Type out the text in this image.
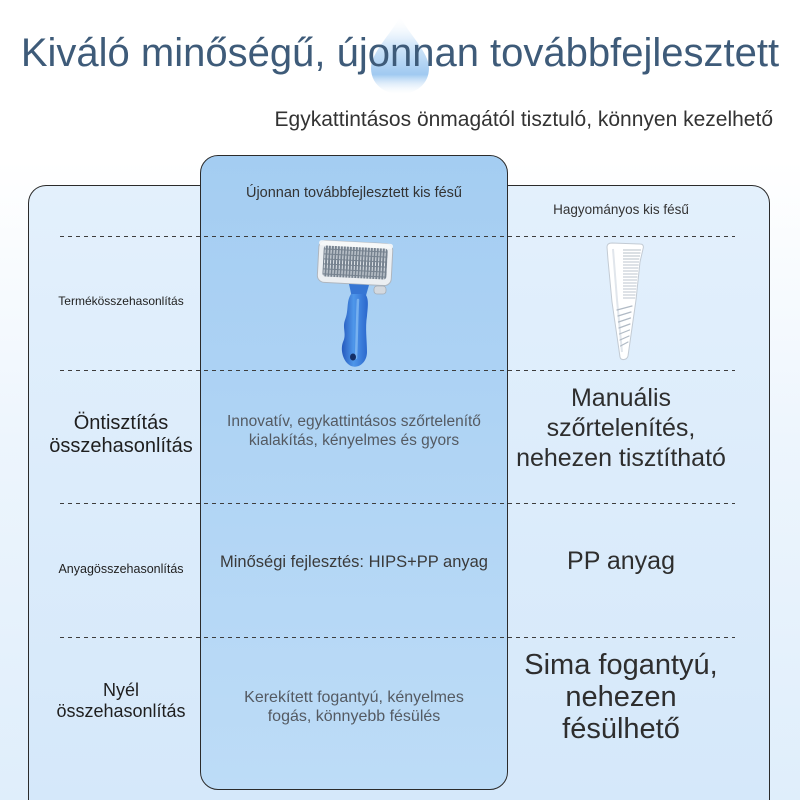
Kiváló minőségű, újonnan továbbfejlesztett
Egykattintásos önmagától tisztuló, könnyen kezelhető
Újonnan továbbfejlesztett kis fésű
Hagyományos kis fésű
Termékösszehasonlítás
Öntisztítás
összehasonlítás
Innovatív, egykattintásos szőrtelenítő
kialakítás, kényelmes és gyors
Manuális
szőrtelenítés,
nehezen tisztítható
Anyagösszehasonlítás	Minőségi fejlesztés: HIPS+PP anyag	PP anyag
Nyél
összehasonlítás
Kerekített fogantyú, kényelmes
fogás, könnyebb fésülés
Sima fogantyú,
nehezen
fésülhető
